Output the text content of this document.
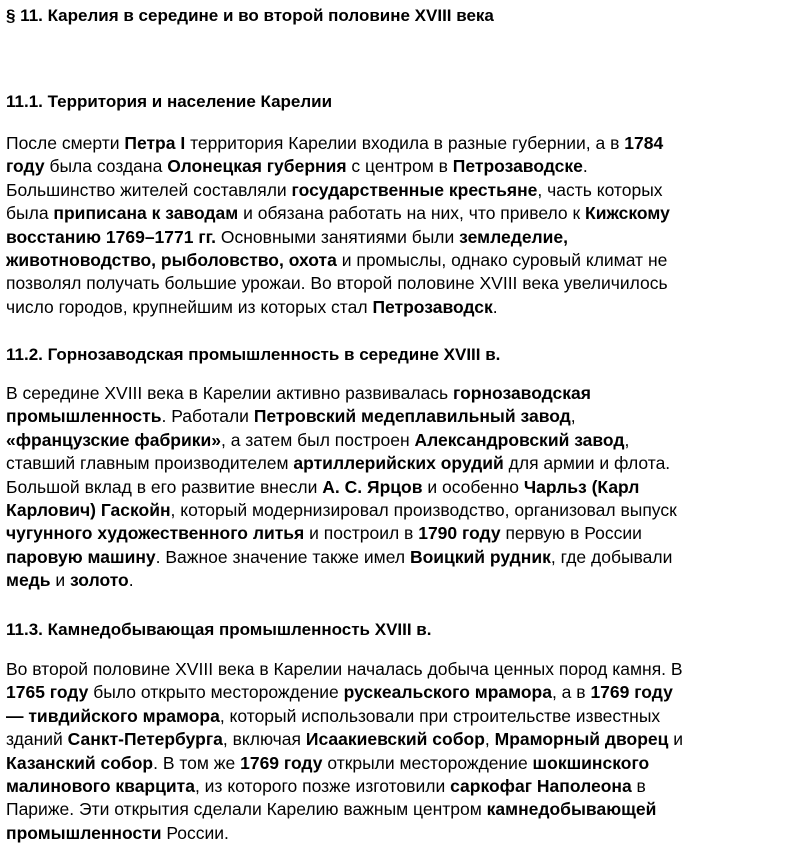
§ 11. Карелия в середине и во второй половине XVIII века
11.1. Территория и население Карелии
После смерти Петра I территория Карелии входила в разные губернии, а в 1784
году была создана Олонецкая губерния с центром в Петрозаводске.
Большинство жителей составляли государственные крестьяне, часть которых
была приписана к заводам и обязана работать на них, что привело к Кижскому
восстанию 1769–1771 гг. Основными занятиями были земледелие,
животноводство, рыболовство, охота и промыслы, однако суровый климат не
позволял получать большие урожаи. Во второй половине XVIII века увеличилось
число городов, крупнейшим из которых стал Петрозаводск.
11.2. Горнозаводская промышленность в середине XVIII в.
В середине XVIII века в Карелии активно развивалась горнозаводская
промышленность. Работали Петровский медеплавильный завод,
«французские фабрики», а затем был построен Александровский завод,
ставший главным производителем артиллерийских орудий для армии и флота.
Большой вклад в его развитие внесли А. С. Ярцов и особенно Чарльз (Карл
Карлович) Гаскойн, который модернизировал производство, организовал выпуск
чугунного художественного литья и построил в 1790 году первую в России
паровую машину. Важное значение также имел Воицкий рудник, где добывали
медь и золото.
11.3. Камнедобывающая промышленность XVIII в.
Во второй половине XVIII века в Карелии началась добыча ценных пород камня. В
1765 году было открыто месторождение рускеальского мрамора, а в 1769 году
— тивдийского мрамора, который использовали при строительстве известных
зданий Санкт-Петербурга, включая Исаакиевский собор, Мраморный дворец и
Казанский собор. В том же 1769 году открыли месторождение шокшинского
малинового кварцита, из которого позже изготовили саркофаг Наполеона в
Париже. Эти открытия сделали Карелию важным центром камнедобывающей
промышленности России.
